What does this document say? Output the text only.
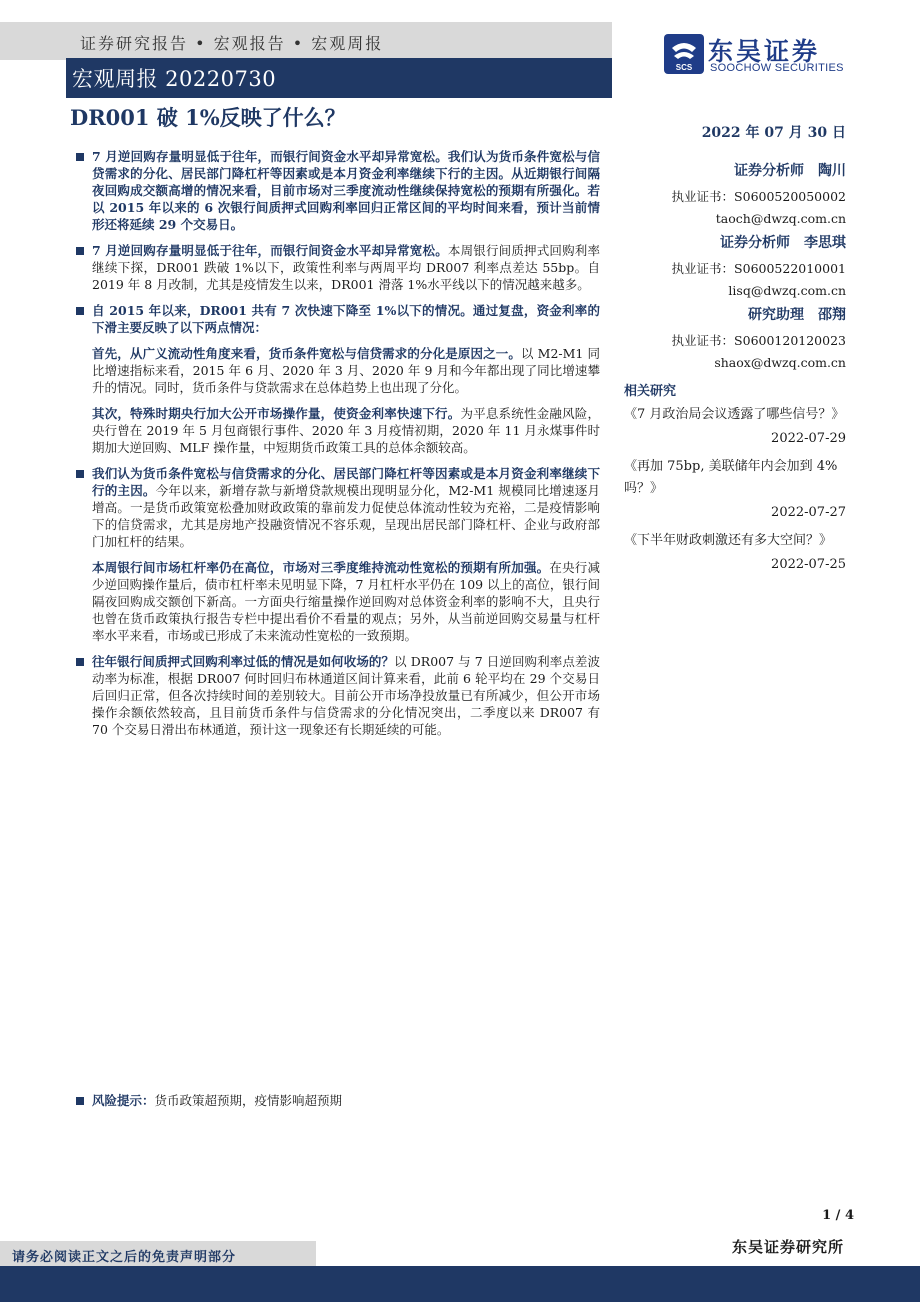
证券研究报告 • 宏观报告 • 宏观周报
宏观周报 20220730	SCS
东吴证券
SOOCHOW SECURITIES
DR001 破 1%反映了什么？
2022 年 07 月 30 日
7 月逆回购存量明显低于往年，而银行间资金水平却异常宽松。我们认为货币条件宽松与信贷需求的分化、居民部门降杠杆等因素或是本月资金利率继续下行的主因。从近期银行间隔夜回购成交额高增的情况来看，目前市场对三季度流动性继续保持宽松的预期有所强化。若以 2015 年以来的 6 次银行间质押式回购利率回归正常区间的平均时间来看，预计当前情形还将延续 29 个交易日。
7 月逆回购存量明显低于往年，而银行间资金水平却异常宽松。本周银行间质押式回购利率继续下探，DR001 跌破 1%以下，政策性利率与两周平均 DR007 利率点差达 55bp。自 2019 年 8 月改制，尤其是疫情发生以来，DR001 滑落 1%水平线以下的情况越来越多。
自 2015 年以来，DR001 共有 7 次快速下降至 1%以下的情况。通过复盘，资金利率的下滑主要反映了以下两点情况：
首先，从广义流动性角度来看，货币条件宽松与信贷需求的分化是原因之一。以 M2-M1 同比增速指标来看，2015 年 6 月、2020 年 3 月、2020 年 9 月和今年都出现了同比增速攀升的情况。同时，货币条件与贷款需求在总体趋势上也出现了分化。
其次，特殊时期央行加大公开市场操作量，使资金利率快速下行。为平息系统性金融风险，央行曾在 2019 年 5 月包商银行事件、2020 年 3 月疫情初期，2020 年 11 月永煤事件时期加大逆回购、MLF 操作量，中短期货币政策工具的总体余额较高。
我们认为货币条件宽松与信贷需求的分化、居民部门降杠杆等因素或是本月资金利率继续下行的主因。今年以来，新增存款与新增贷款规模出现明显分化，M2-M1 规模同比增速逐月增高。一是货币政策宽松叠加财政政策的靠前发力促使总体流动性较为充裕，二是疫情影响下的信贷需求，尤其是房地产投融资情况不容乐观，呈现出居民部门降杠杆、企业与政府部门加杠杆的结果。
本周银行间市场杠杆率仍在高位，市场对三季度维持流动性宽松的预期有所加强。在央行减少逆回购操作量后，债市杠杆率未见明显下降，7 月杠杆水平仍在 109 以上的高位，银行间隔夜回购成交额创下新高。一方面央行缩量操作逆回购对总体资金利率的影响不大，且央行也曾在货币政策执行报告专栏中提出看价不看量的观点；另外，从当前逆回购交易量与杠杆率水平来看，市场或已形成了未来流动性宽松的一致预期。
往年银行间质押式回购利率过低的情况是如何收场的？以 DR007 与 7 日逆回购利率点差波动率为标准，根据 DR007 何时回归布林通道区间计算来看，此前 6 轮平均在 29 个交易日后回归正常，但各次持续时间的差别较大。目前公开市场净投放量已有所减少，但公开市场操作余额依然较高，且目前货币条件与信贷需求的分化情况突出，二季度以来 DR007 有 70 个交易日滑出布林通道，预计这一现象还有长期延续的可能。
风险提示：货币政策超预期，疫情影响超预期
证券分析师　陶川
执业证书：S0600520050002
taoch@dwzq.com.cn
证券分析师　李思琪
执业证书：S0600522010001
lisq@dwzq.com.cn
研究助理　邵翔
执业证书：S0600120120023
shaox@dwzq.com.cn
相关研究
《7 月政治局会议透露了哪些信号？》
2022-07-29
《再加 75bp, 美联储年内会加到 4%吗？》
2022-07-27
《下半年财政刺激还有多大空间？》
2022-07-25
1 / 4
东吴证券研究所
请务必阅读正文之后的免责声明部分
